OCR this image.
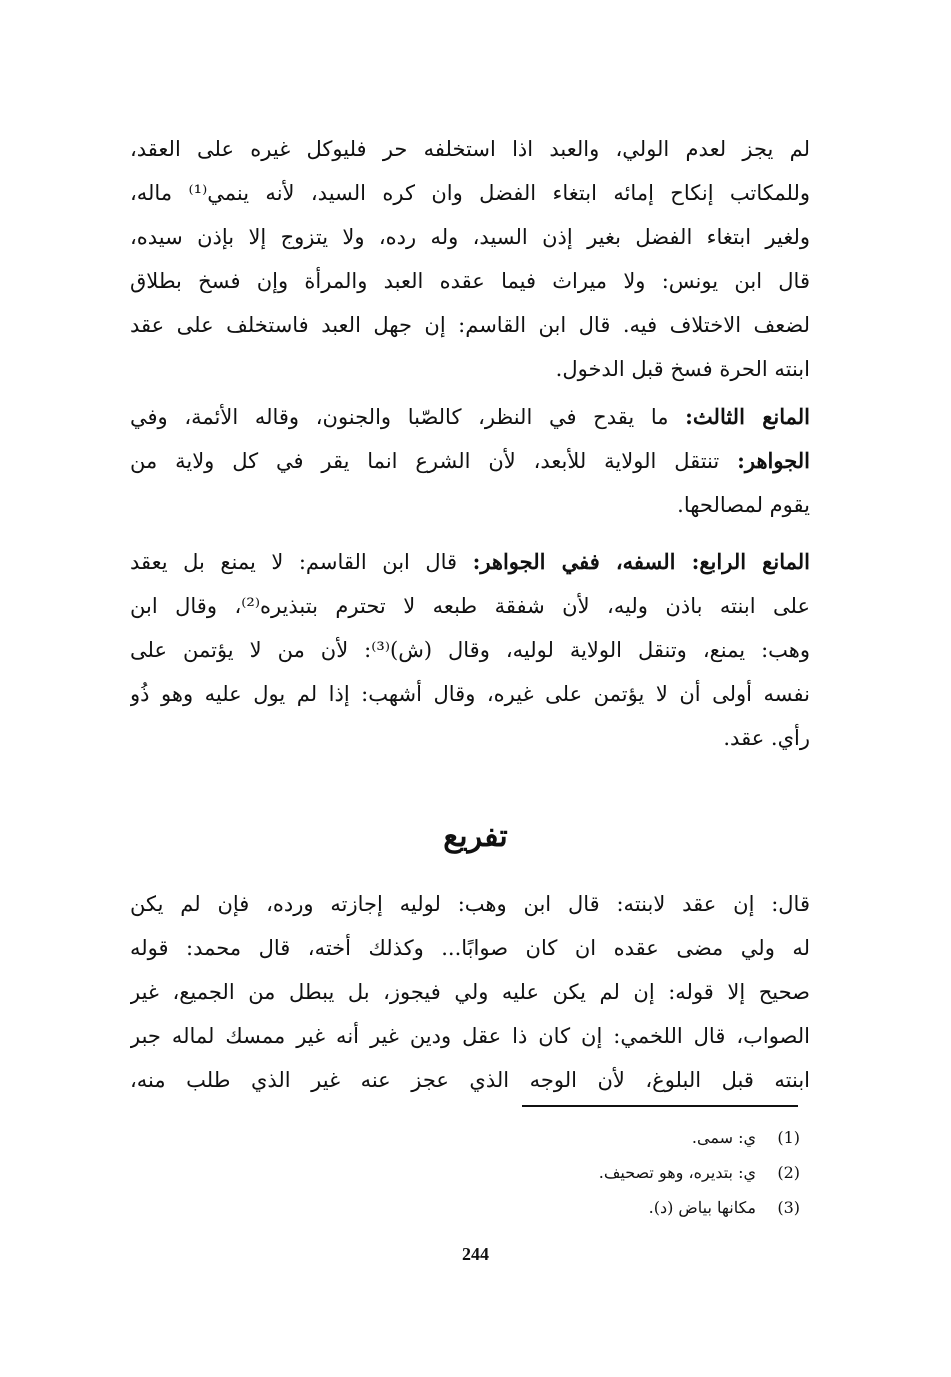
لم يجز لعدم الولي، والعبد اذا استخلفه حر فليوكل غيره على العقد،
وللمكاتب إنكاح إمائه ابتغاء الفضل وان كره السيد، لأنه ينمي⁽¹⁾ ماله،
ولغير ابتغاء الفضل بغير إذن السيد، وله رده، ولا يتزوج إلا بإذن سيده،
قال ابن يونس: ولا ميراث فيما عقده العبد والمرأة وإن فسخ بطلاق
لضعف الاختلاف فيه. قال ابن القاسم: إن جهل العبد فاستخلف على عقد
ابنته الحرة فسخ قبل الدخول.
المانع الثالث: ما يقدح في النظر، كالصّبا والجنون، وقاله الأئمة، وفي
الجواهر: تنتقل الولاية للأبعد، لأن الشرع انما يقر في كل ولاية من
يقوم لمصالحها.
المانع الرابع: السفه، ففي الجواهر: قال ابن القاسم: لا يمنع بل يعقد
على ابنته باذن وليه، لأن شفقة طبعه لا تحترم بتبذيره⁽²⁾، وقال ابن
وهب: يمنع، وتنقل الولاية لوليه، وقال (ش)⁽³⁾: لأن من لا يؤتمن على
نفسه أولى أن لا يؤتمن على غيره، وقال أشهب: إذا لم يول عليه وهو ذُو
رأي. عقد.
تفريع
قال: إن عقد لابنته: قال ابن وهب: لوليه إجازته ورده، فإن لم يكن
له ولي مضى عقده ان كان صوابًا... وكذلك أخته، قال محمد: قوله
صحيح إلا قوله: إن لم يكن عليه ولي فيجوز، بل يبطل من الجميع، غير
الصواب، قال اللخمي: إن كان ذا عقل ودين غير أنه غير ممسك لماله جبر
ابنته قبل البلوغ، لأن الوجه الذي عجز عنه غير الذي طلب منه،
(1)ي: سمى.
(2)ي: بتديره، وهو تصحيف.
(3)مكانها بياض (د).
244
